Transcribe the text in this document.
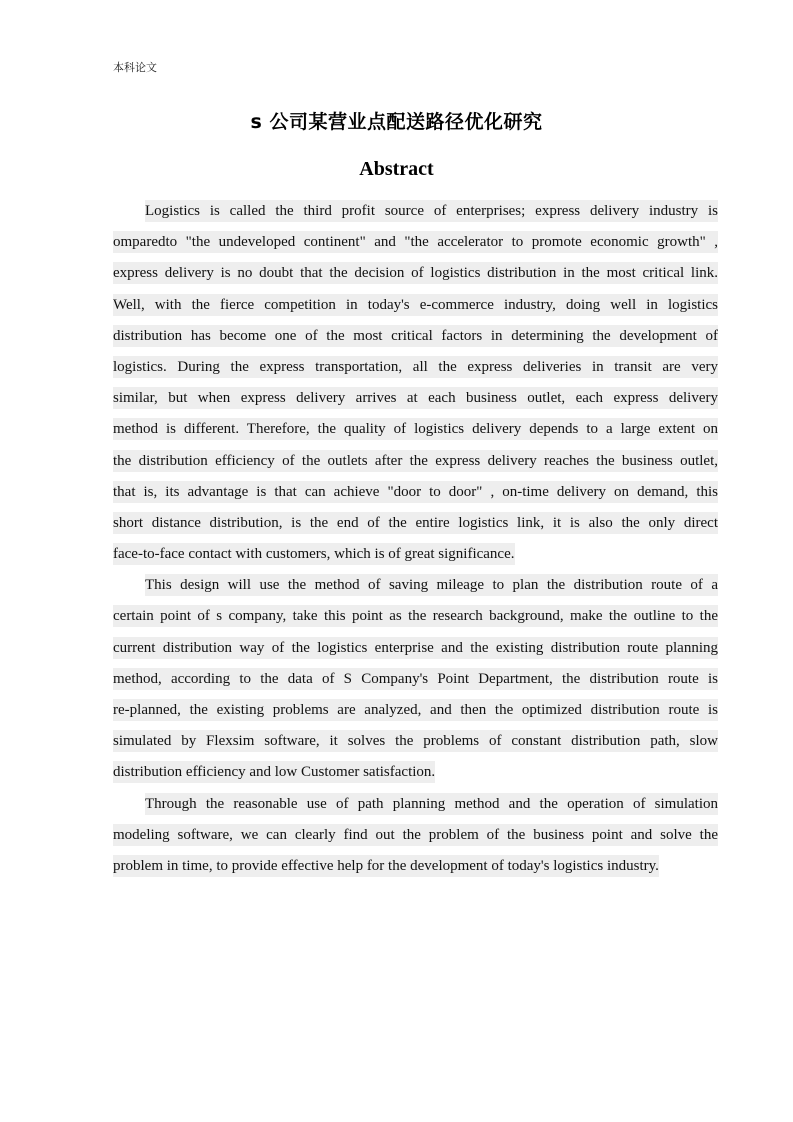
本科论文
s 公司某营业点配送路径优化研究
Abstract
Logistics is called the third profit source of enterprises; express delivery industry is
omparedto "the undeveloped continent" and "the accelerator to promote economic growth" ,
express delivery is no doubt that the decision of logistics distribution in the most critical link.
Well, with the fierce competition in today's e-commerce industry, doing well in logistics
distribution has become one of the most critical factors in determining the development of
logistics. During the express transportation, all the express deliveries in transit are very
similar, but when express delivery arrives at each business outlet, each express delivery
method is different. Therefore, the quality of logistics delivery depends to a large extent on
the distribution efficiency of the outlets after the express delivery reaches the business outlet,
that is, its advantage is that can achieve "door to door" , on-time delivery on demand, this
short distance distribution, is the end of the entire logistics link, it is also the only direct
face-to-face contact with customers, which is of great significance.
This design will use the method of saving mileage to plan the distribution route of a
certain point of s company, take this point as the research background, make the outline to the
current distribution way of the logistics enterprise and the existing distribution route planning
method, according to the data of S Company's Point Department, the distribution route is
re-planned, the existing problems are analyzed, and then the optimized distribution route is
simulated by Flexsim software, it solves the problems of constant distribution path, slow
distribution efficiency and low Customer satisfaction.
Through the reasonable use of path planning method and the operation of simulation
modeling software, we can clearly find out the problem of the business point and solve the
problem in time, to provide effective help for the development of today's logistics industry.
